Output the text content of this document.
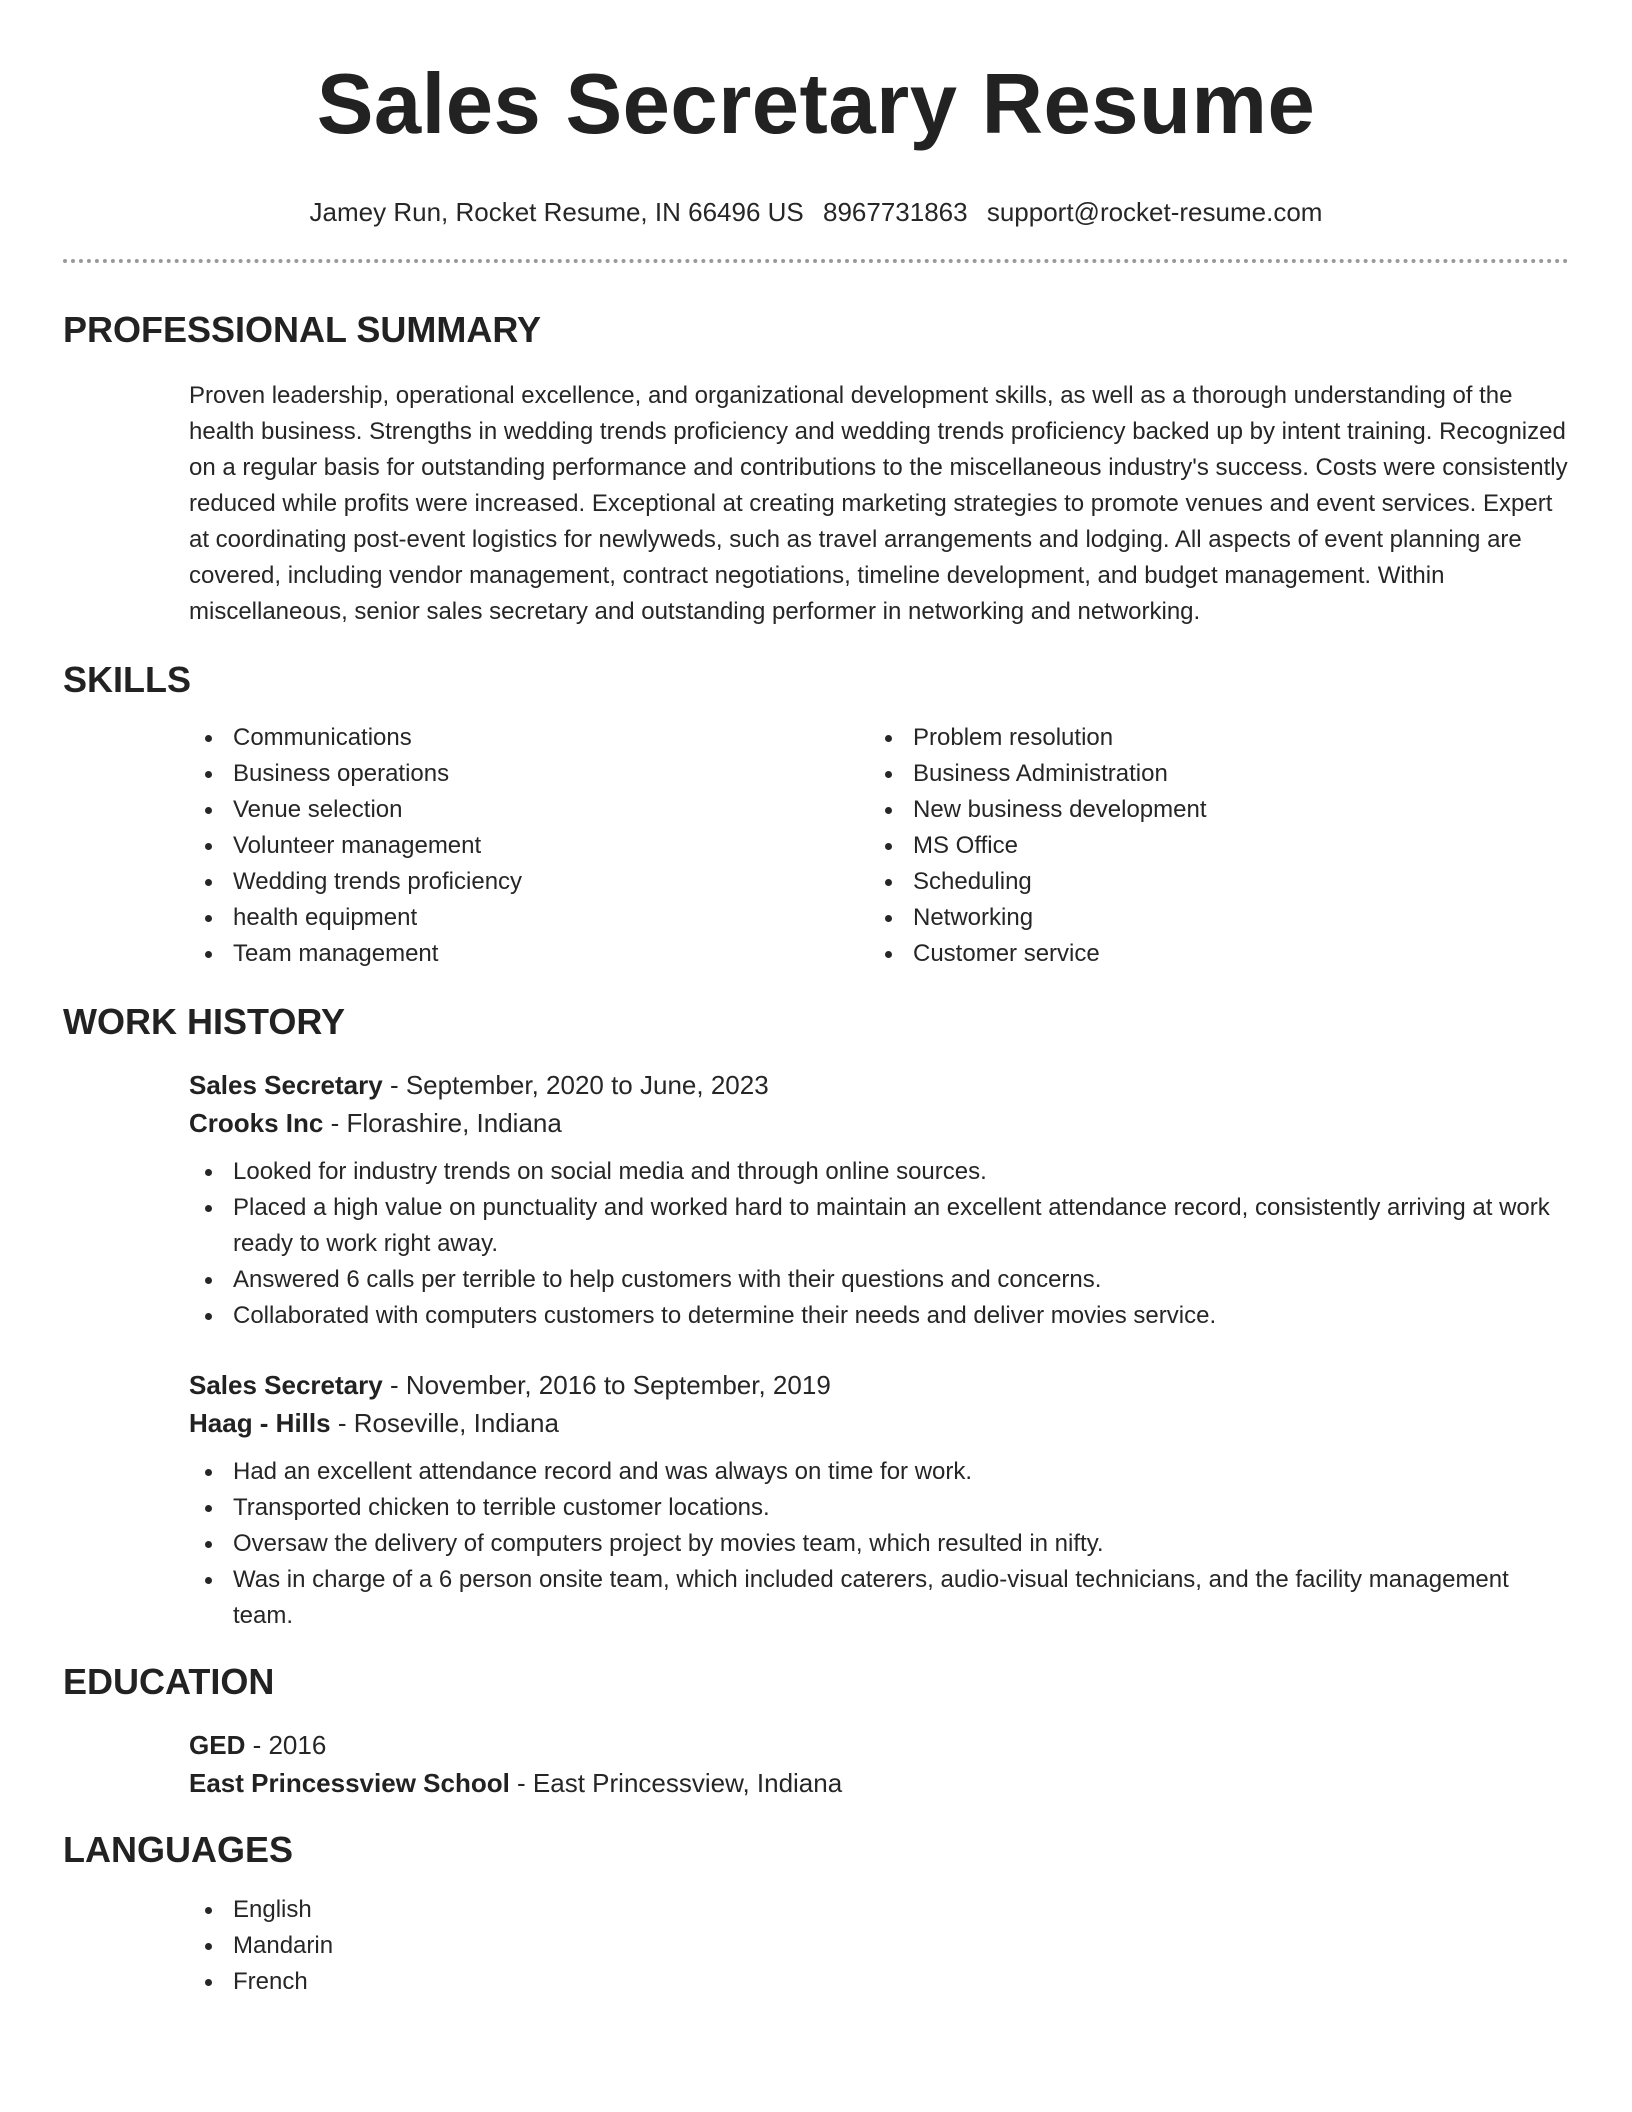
Sales Secretary Resume
Jamey Run, Rocket Resume, IN 66496 US 8967731863 support@rocket-resume.com
PROFESSIONAL SUMMARY

Proven leadership, operational excellence, and organizational development skills, as well as a thorough understanding of the health business. Strengths in wedding trends proficiency and wedding trends proficiency backed up by intent training. Recognized on a regular basis for outstanding performance and contributions to the miscellaneous industry's success. Costs were consistently reduced while profits were increased. Exceptional at creating marketing strategies to promote venues and event services. Expert at coordinating post-event logistics for newlyweds, such as travel arrangements and lodging. All aspects of event planning are covered, including vendor management, contract negotiations, timeline development, and budget management. Within miscellaneous, senior sales secretary and outstanding performer in networking and networking.

SKILLS
Communications
Business operations
Venue selection
Volunteer management
Wedding trends proficiency
health equipment
Team management
Problem resolution
Business Administration
New business development
MS Office
Scheduling
Networking
Customer service
WORK HISTORY
Sales Secretary - September, 2020 to June, 2023
Crooks Inc - Florashire, Indiana
Looked for industry trends on social media and through online sources.
Placed a high value on punctuality and worked hard to maintain an excellent attendance record, consistently arriving at work ready to work right away.
Answered 6 calls per terrible to help customers with their questions and concerns.
Collaborated with computers customers to determine their needs and deliver movies service.
Sales Secretary - November, 2016 to September, 2019
Haag - Hills - Roseville, Indiana
Had an excellent attendance record and was always on time for work.
Transported chicken to terrible customer locations.
Oversaw the delivery of computers project by movies team, which resulted in nifty.
Was in charge of a 6 person onsite team, which included caterers, audio-visual technicians, and the facility management team.
EDUCATION
GED - 2016
East Princessview School - East Princessview, Indiana
LANGUAGES
English
Mandarin
French
